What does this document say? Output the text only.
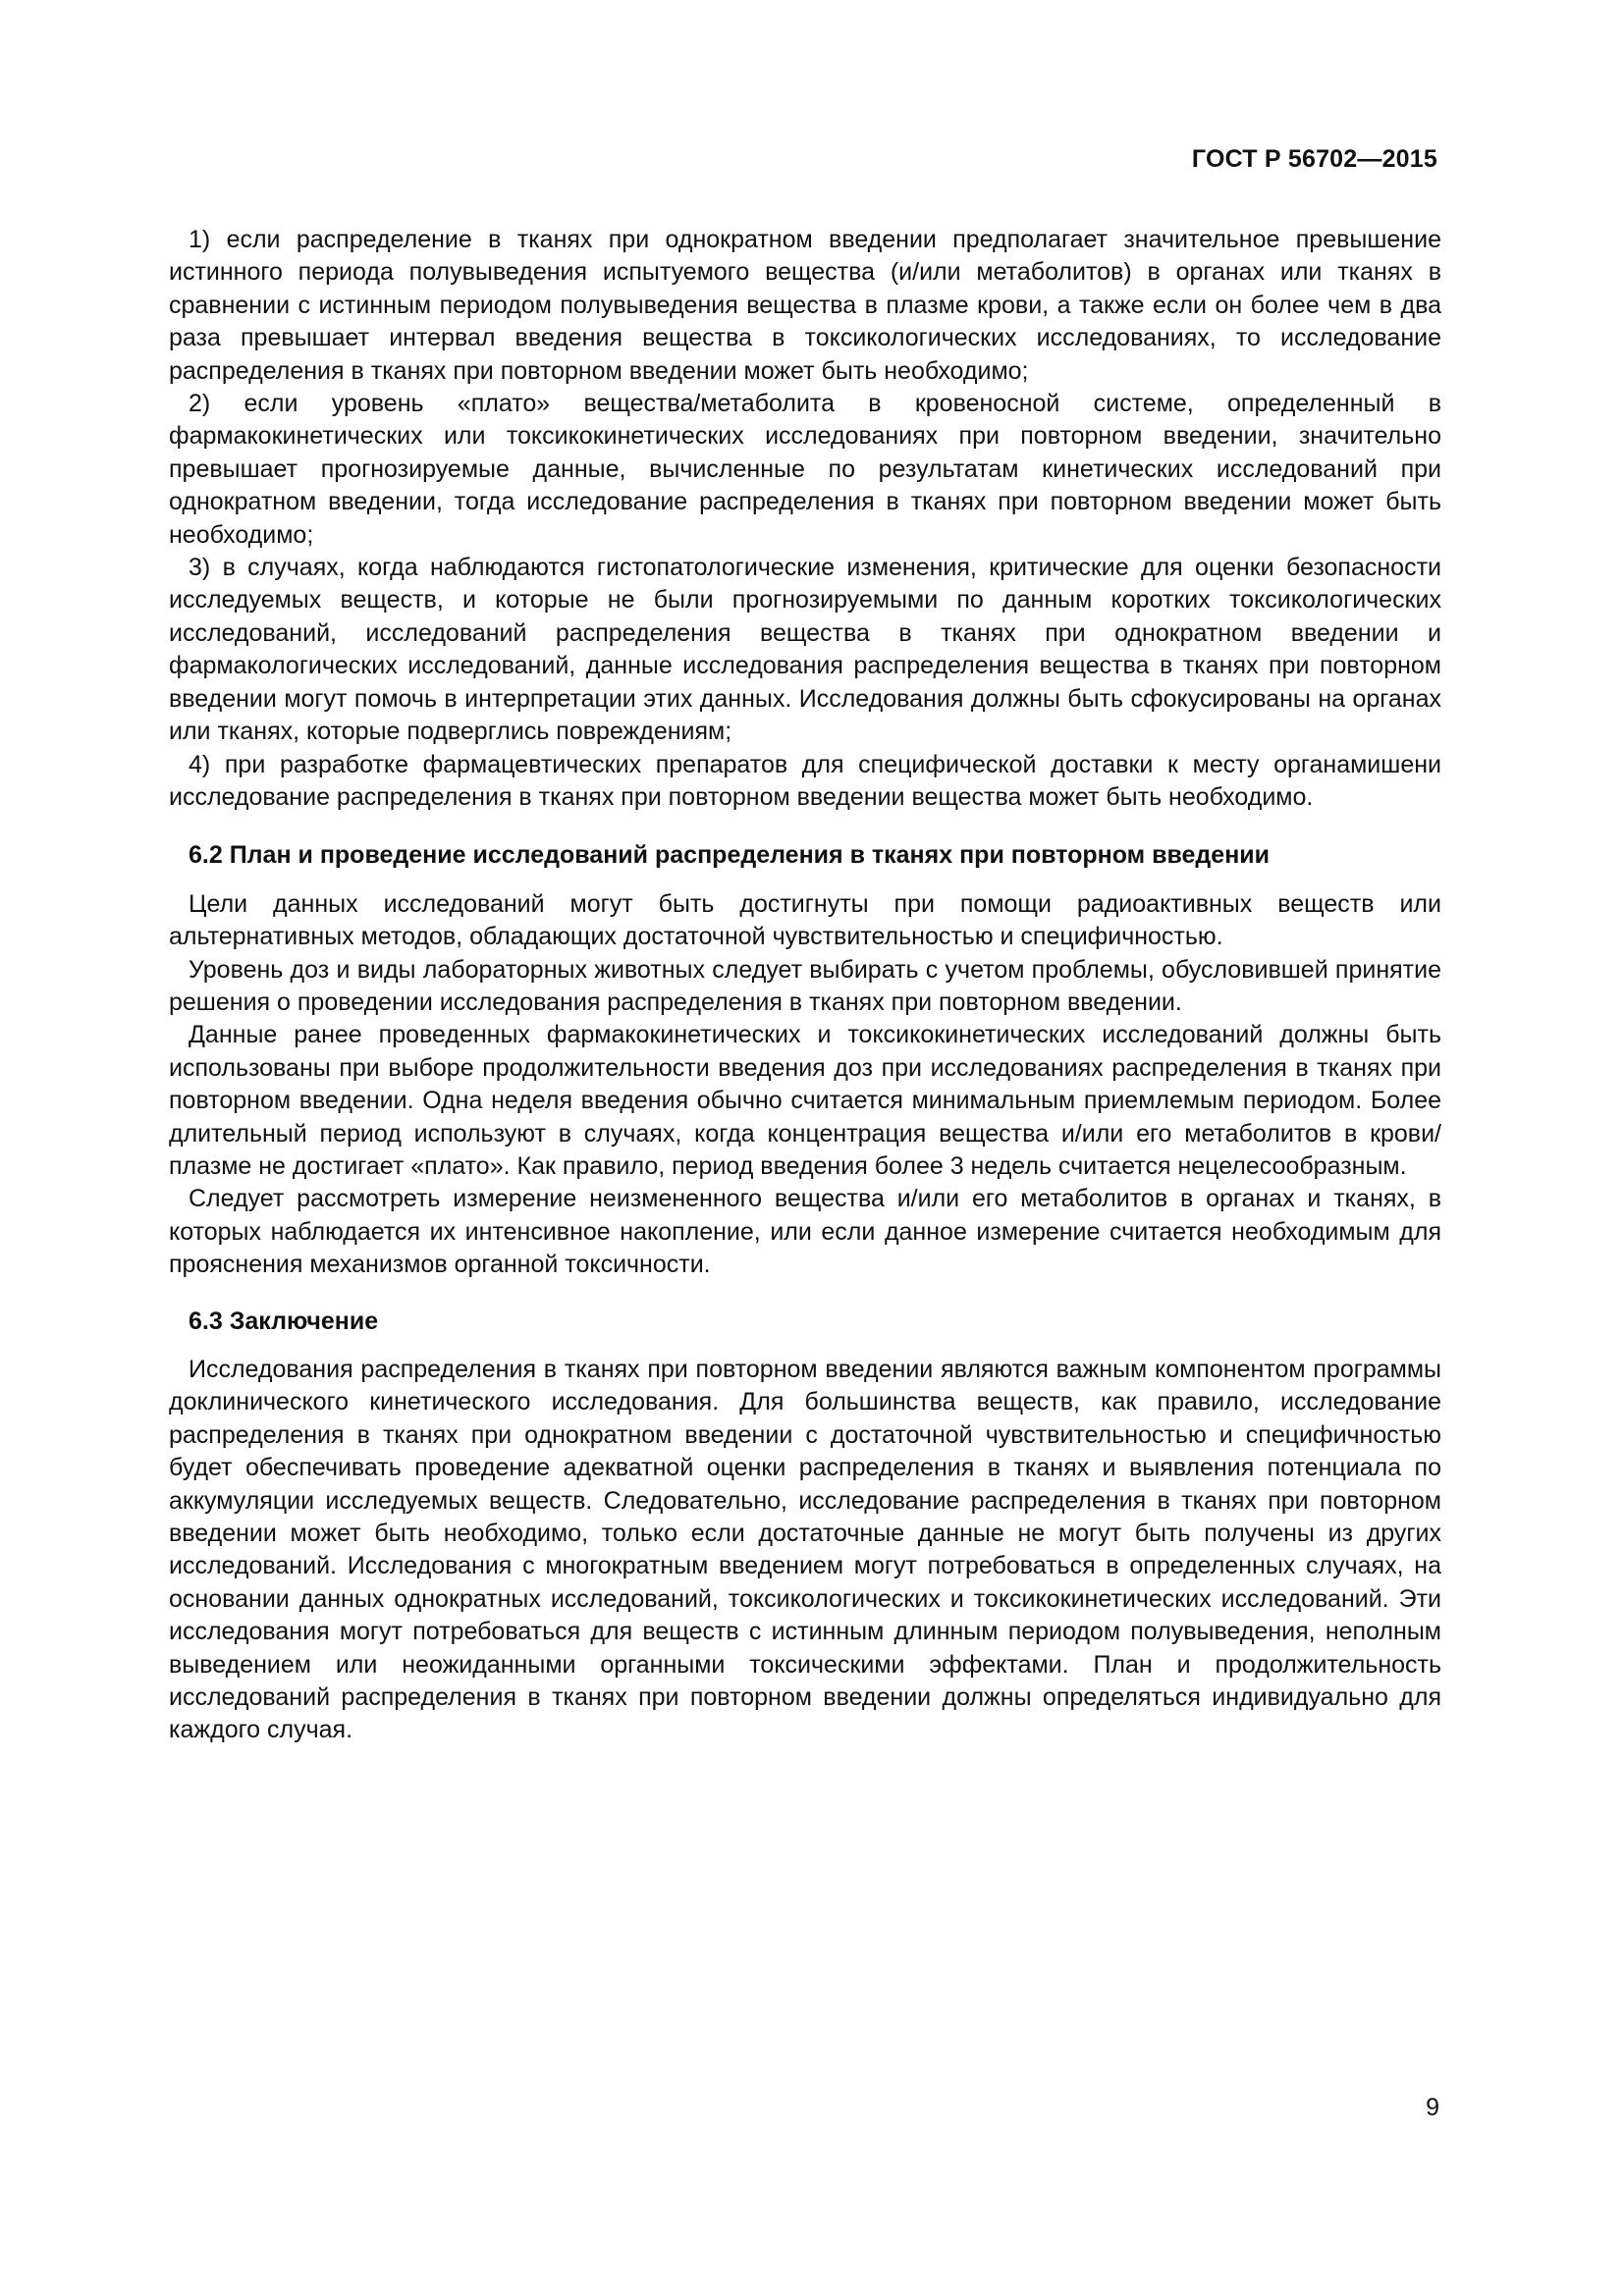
ГОСТ Р 56702—2015

1) если распределение в тканях при однократном введении предполагает значительное превышение истинного периода полувыведения испытуемого вещества (и/или метаболитов) в органах или тканях в сравнении с истинным периодом полувыведения вещества в плазме крови, а также если он более чем в два раза превышает интервал введения вещества в токсикологических исследованиях, то исследование распределения в тканях при повторном введении может быть необходимо;

2) если уровень «плато» вещества/метаболита в кровеносной системе, определенный в фармакокинетических или токсикокинетических исследованиях при повторном введении, значительно превышает прогнозируемые данные, вычисленные по результатам кинетических исследований при однократном введении, тогда исследование распределения в тканях при повторном введении может быть необходимо;

3) в случаях, когда наблюдаются гистопатологические изменения, критические для оценки безопасности исследуемых веществ, и которые не были прогнозируемыми по данным коротких токсикологических исследований, исследований распределения вещества в тканях при однократном введении и фармакологических исследований, данные исследования распределения вещества в тканях при повторном введении могут помочь в интерпретации этих данных. Исследования должны быть сфокусированы на органах или тканях, которые подверглись повреждениям;

4) при разработке фармацевтических препаратов для специфической доставки к месту органамишени исследование распределения в тканях при повторном введении вещества может быть необходимо.

6.2 План и проведение исследований распределения в тканях при повторном введении

Цели данных исследований могут быть достигнуты при помощи радиоактивных веществ или альтернативных методов, обладающих достаточной чувствительностью и специфичностью.

Уровень доз и виды лабораторных животных следует выбирать с учетом проблемы, обусловившей принятие решения о проведении исследования распределения в тканях при повторном введении.

Данные ранее проведенных фармакокинетических и токсикокинетических исследований должны быть использованы при выборе продолжительности введения доз при исследованиях распределения в тканях при повторном введении. Одна неделя введения обычно считается минимальным приемлемым периодом. Более длительный период используют в случаях, когда концентрация вещества и/или его метаболитов в крови/плазме не достигает «плато». Как правило, период введения более 3 недель считается нецелесообразным.

Следует рассмотреть измерение неизмененного вещества и/или его метаболитов в органах и тканях, в которых наблюдается их интенсивное накопление, или если данное измерение считается необходимым для прояснения механизмов органной токсичности.

6.3 Заключение

Исследования распределения в тканях при повторном введении являются важным компонентом программы доклинического кинетического исследования. Для большинства веществ, как правило, исследование распределения в тканях при однократном введении с достаточной чувствительностью и специфичностью будет обеспечивать проведение адекватной оценки распределения в тканях и выявления потенциала по аккумуляции исследуемых веществ. Следовательно, исследование распределения в тканях при повторном введении может быть необходимо, только если достаточные данные не могут быть получены из других исследований. Исследования с многократным введением могут потребоваться в определенных случаях, на основании данных однократных исследований, токсикологических и токсикокинетических исследований. Эти исследования могут потребоваться для веществ с истинным длинным периодом полувыведения, неполным выведением или неожиданными органными токсическими эффектами. План и продолжительность исследований распределения в тканях при повторном введении должны определяться индивидуально для каждого случая.

9
